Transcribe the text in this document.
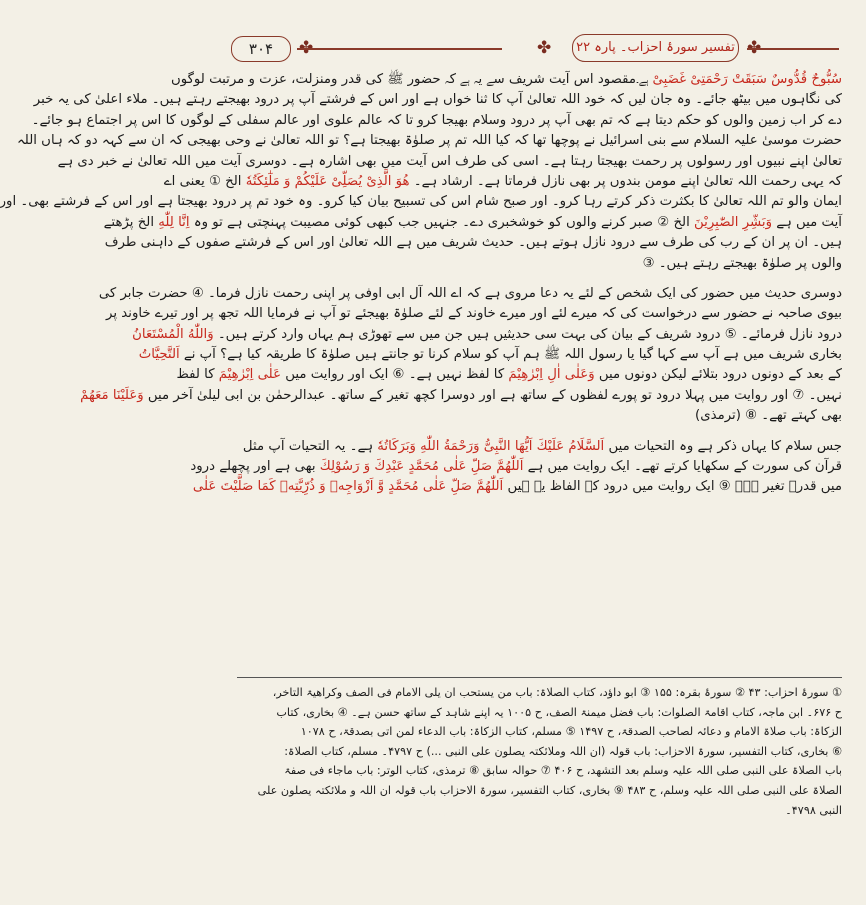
۳۰۴	✤	تفسیر سورۂ احزاب۔ پارہ ۲۲
سُبُّوحٌ قُدُّوسٌ سَبَقَتْ رَحْمَتِیْ غَضَبِیْ ہے۔مقصود اس آیت شریف سے یہ ہے کہ حضور ﷺ کی قدر ومنزلت، عزت و مرتبت لوگوں
کی نگاہوں میں بیٹھ جائے۔ وہ جان لیں کہ خود اللہ تعالیٰ آپ کا ثنا خواں ہے اور اس کے فرشتے آپ پر درود بھیجتے رہتے ہیں۔ ملاء اعلیٰ کی یہ خبر
دے کر اب زمین والوں کو حکم دیتا ہے کہ تم بھی آپ پر درود وسلام بھیجا کرو تا کہ عالم علوی اور عالم سفلی کے لوگوں کا اس پر اجتماع ہو جائے۔
حضرت موسیٰ علیہ السلام سے بنی اسرائیل نے پوچھا تھا کہ کیا اللہ تم پر صلوٰۃ بھیجتا ہے؟ تو اللہ تعالیٰ نے وحی بھیجی کہ ان سے کہہ دو کہ ہاں اللہ
تعالیٰ اپنے نبیوں اور رسولوں پر رحمت بھیجتا رہتا ہے۔ اسی کی طرف اس آیت میں بھی اشارہ ہے۔ دوسری آیت میں اللہ تعالیٰ نے خبر دی ہے
کہ یہی رحمت اللہ تعالیٰ اپنے مومن بندوں پر بھی نازل فرماتا ہے۔ ارشاد ہے۔ هُوَ الَّذِیْ يُصَلِّیْ عَلَيْكُمْ وَ مَلٰٓئِكَتُهٗ الخ ① یعنی اے
ایمان والو تم اللہ تعالیٰ کا بکثرت ذکر کرتے رہا کرو۔ اور صبح شام اس کی تسبیح بیان کیا کرو۔ وہ خود تم پر درود بھیجتا ہے اور اس کے فرشتے بھی۔ اور
آیت میں ہے وَبَشِّرِ الصّٰبِرِيْنَ الخ ② صبر کرنے والوں کو خوشخبری دے۔ جنہیں جب کبھی کوئی مصیبت پہنچتی ہے تو وہ اِنَّا لِلّٰهِ الخ پڑھتے
ہیں۔ ان پر ان کے رب کی طرف سے درود نازل ہوتے ہیں۔ حدیث شریف میں ہے اللہ تعالیٰ اور اس کے فرشتے صفوں کے داہنی طرف
والوں پر صلوٰۃ بھیجتے رہتے ہیں۔ ③
دوسری حدیث میں حضور کی ایک شخص کے لئے یہ دعا مروی ہے کہ اے اللہ آل ابی اوفی پر اپنی رحمت نازل فرما۔ ④ حضرت جابر کی
بیوی صاحبہ نے حضور سے درخواست کی کہ میرے لئے اور میرے خاوند کے لئے صلوٰۃ بھیجئے تو آپ نے فرمایا اللہ تجھ پر اور تیرے خاوند پر
درود نازل فرمائے۔ ⑤ درود شریف کے بیان کی بہت سی حدیثیں ہیں جن میں سے تھوڑی ہم یہاں وارد کرتے ہیں۔ وَاللّٰهُ الْمُسْتَعَانُ
بخاری شریف میں ہے آپ سے کہا گیا یا رسول اللہ ﷺ ہم آپ کو سلام کرنا تو جانتے ہیں صلوٰۃ کا طریقہ کیا ہے؟ آپ نے اَلتَّحِيَّاتُ
کے بعد کے دونوں درود بتلائے لیکن دونوں میں وَعَلٰی اٰلِ اِبْرٰهِيْمَ کا لفظ نہیں ہے۔ ⑥ ایک اور روایت میں عَلٰی اِبْرٰهِيْمَ کا لفظ
نہیں۔ ⑦ اور روایت میں پہلا درود تو پورے لفظوں کے ساتھ ہے اور دوسرا کچھ تغیر کے ساتھ۔ عبدالرحمٰن بن ابی لیلیٰ آخر میں وَعَلَيْنَا مَعَهُمْ
بھی کہتے تھے۔ ⑧ (ترمذی)
جس سلام کا یہاں ذکر ہے وہ التحیات میں اَلسَّلَامُ عَلَيْكَ اَيُّهَا النَّبِیُّ وَرَحْمَةُ اللّٰهِ وَبَرَكَاتُهٗ ہے۔ یہ التحیات آپ مثل
قرآن کی سورت کے سکھایا کرتے تھے۔ ایک روایت میں ہے اَللّٰهُمَّ صَلِّ عَلٰی مُحَمَّدٍ عَبْدِكَ وَ رَسُوْلِكَ بھی ہے اور پچھلے درود
میں قدرے تغیر ہے۔ ⑨ ایک روایت میں درود کے الفاظ یہ ہیں اَللّٰهُمَّ صَلِّ عَلٰی مُحَمَّدٍ وَّ اَزْوَاجِهٖ وَ ذُرِّيَّتِهٖ كَمَا صَلَّيْتَ عَلٰی
① سورۂ احزاب: ۴۳ ② سورۂ بقرہ: ۱۵۵ ③ ابو داؤد، کتاب الصلاۃ: باب من یستحب ان یلی الامام فی الصف وکراھیۃ التاخر،
ح ۶۷۶۔ ابن ماجہ، کتاب اقامۃ الصلوات: باب فضل میمنۃ الصف، ح ۱۰۰۵ یہ اپنے شاہد کے ساتھ حسن ہے۔ ④ بخاری، کتاب
الزکاۃ: باب صلاۃ الامام و دعائہ لصاحب الصدقۃ، ح ۱۴۹۷ ⑤ مسلم، کتاب الزکاۃ: باب الدعاء لمن اتی بصدقۃ، ح ۱۰۷۸
⑥ بخاری، کتاب التفسیر، سورۃ الاحزاب: باب قولہ (ان اللہ وملائکتہ یصلون علی النبی ...) ح ۴۷۹۷۔ مسلم، کتاب الصلاۃ:
باب الصلاۃ علی النبی صلی اللہ علیہ وسلم بعد التشھد، ح ۴۰۶ ⑦ حوالہ سابق ⑧ ترمذی، کتاب الوتر: باب ماجاء فی صفۃ
الصلاۃ علی النبی صلی اللہ علیہ وسلم، ح ۴۸۳ ⑨ بخاری، کتاب التفسیر، سورۃ الاحزاب باب قولہ ان اللہ و ملائکتہ یصلون علی
النبی ۴۷۹۸۔
